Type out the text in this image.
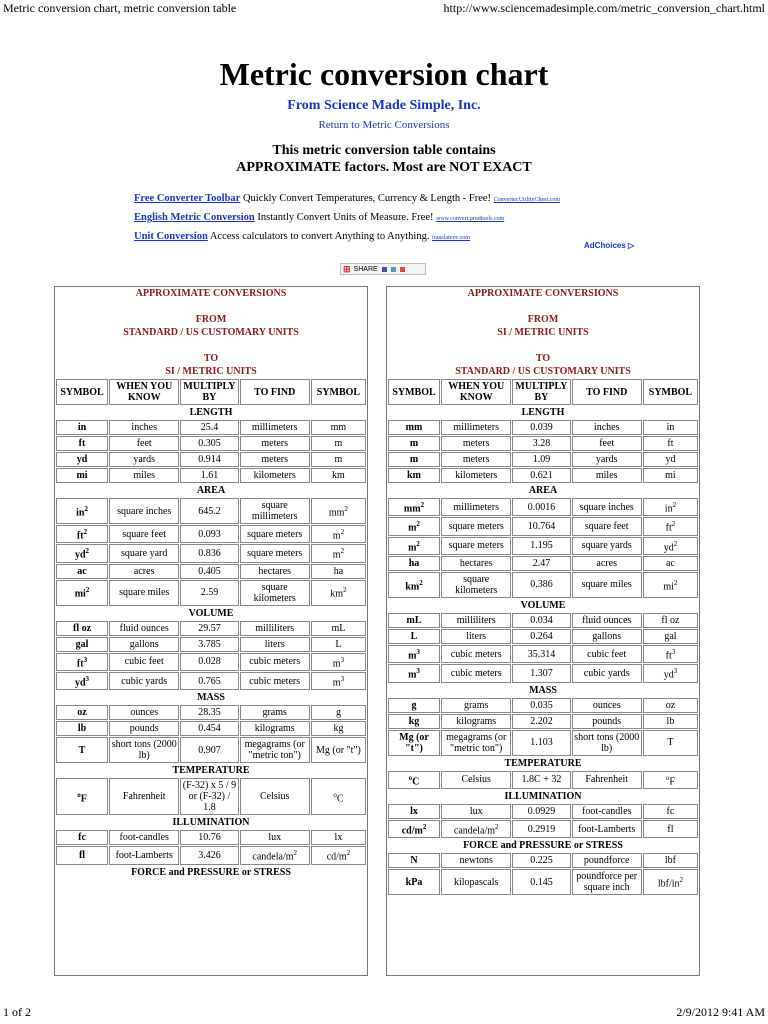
Metric conversion chart, metric conversion table	http://www.sciencemadesimple.com/metric_conversion_chart.html
Metric conversion chart
From Science Made Simple, Inc.
Return to Metric Conversions
This metric conversion table contains
APPROXIMATE factors. Most are NOT EXACT
Free Converter Toolbar Quickly Convert Temperatures, Currency & Length - Free! Converter.UtilityChest.com
English Metric Conversion Instantly Convert Units of Measure. Free! www.convert.prodtools.com
Unit Conversion Access calculators to convert Anything to Anything. translateye.com
AdChoices ▷
⊞ SHARE
APPROXIMATE CONVERSIONS
FROM
STANDARD / US CUSTOMARY UNITS
TO
SI / METRIC UNITS
SYMBOL	WHEN YOU KNOW	MULTIPLY BY	TO FIND	SYMBOL
LENGTH				
in	inches	25.4	millimeters	mm
ft	feet	0.305	meters	m
yd	yards	0.914	meters	m
mi	miles	1.61	kilometers	km
AREA				
$in^2$	square inches	645.2	square millimeters	$mm^2$
$ft^2$	square feet	0.093	square meters	$m^2$
$yd^2$	square yard	0.836	square meters	$m^2$
ac	acres	0.405	hectares	ha
$mi^2$	square miles	2.59	square kilometers	$km^2$
VOLUME				
fl oz	fluid ounces	29.57	milliliters	mL
gal	gallons	3.785	liters	L
$ft^3$	cubic feet	0.028	cubic meters	$m^3$
$yd^3$	cubic yards	0.765	cubic meters	$m^3$
MASS				
oz	ounces	28.35	grams	g
lb	pounds	0.454	kilograms	kg
T	short tons (2000 lb)	0.907	megagrams (or "metric ton")	Mg (or "t")
TEMPERATURE				
$^o$F	Fahrenheit	(F-32) x 5 / 9 or (F-32) / 1.8	Celsius	$^o$C
ILLUMINATION				
fc	foot-candles	10.76	lux	lx
fl	foot-Lamberts	3.426	candela/$m^2$	$cd/m^2$
FORCE and PRESSURE or STRESS				
APPROXIMATE CONVERSIONS
FROM
SI / METRIC UNITS
TO
STANDARD / US CUSTOMARY UNITS
SYMBOL	WHEN YOU KNOW	MULTIPLY BY	TO FIND	SYMBOL
LENGTH				
mm	millimeters	0.039	inches	in
m	meters	3.28	feet	ft
m	meters	1.09	yards	yd
km	kilometers	0.621	miles	mi
AREA				
$mm^2$	millimeters	0.0016	square inches	$in^2$
$m^2$	square meters	10.764	square feet	$ft^2$
$m^2$	square meters	1.195	square yards	$yd^2$
ha	hectares	2.47	acres	ac
$km^2$	square kilometers	0.386	square miles	$mi^2$
VOLUME				
mL	milliliters	0.034	fluid ounces	fl oz
L	liters	0.264	gallons	gal
$m^3$	cubic meters	35.314	cubic feet	$ft^3$
$m^3$	cubic meters	1.307	cubic yards	$yd^3$
MASS				
g	grams	0.035	ounces	oz
kg	kilograms	2.202	pounds	lb
Mg (or "t")	megagrams (or "metric ton")	1.103	short tons (2000 lb)	T
TEMPERATURE				
$^o$C	Celsius	1.8C + 32	Fahrenheit	$^o$F
ILLUMINATION				
lx	lux	0.0929	foot-candles	fc
$cd/m^2$	candela/$m^2$	0.2919	foot-Lamberts	fl
FORCE and PRESSURE or STRESS				
N	newtons	0.225	poundforce	lbf
kPa	kilopascals	0.145	poundforce per square inch	lbf/$in^2$
1 of 2	2/9/2012 9:41 AM
